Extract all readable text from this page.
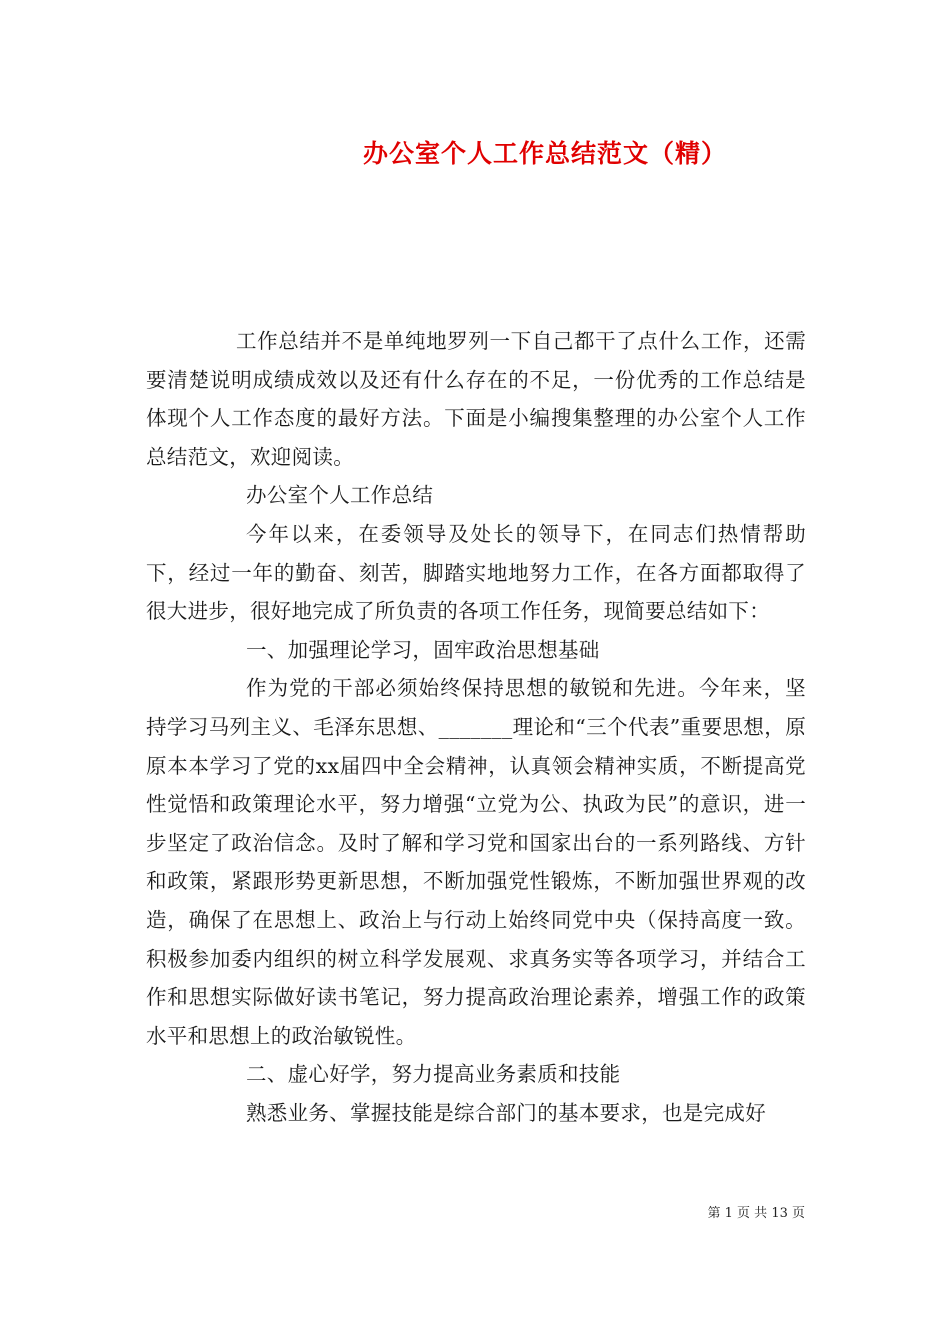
办公室个人工作总结范文（精）

工作总结并不是单纯地罗列一下自己都干了点什么工作，还需要清楚说明成绩成效以及还有什么存在的不足，一份优秀的工作总结是体现个人工作态度的最好方法。下面是小编搜集整理的办公室个人工作总结范文，欢迎阅读。

办公室个人工作总结

今年以来，在委领导及处长的领导下，在同志们热情帮助下，经过一年的勤奋、刻苦，脚踏实地地努力工作，在各方面都取得了很大进步，很好地完成了所负责的各项工作任务，现简要总结如下：

一、加强理论学习，固牢政治思想基础

作为党的干部必须始终保持思想的敏锐和先进。今年来，坚持学习马列主义、毛泽东思想、_______理论和“三个代表”重要思想，原原本本学习了党的xx届四中全会精神，认真领会精神实质，不断提高党性觉悟和政策理论水平，努力增强“立党为公、执政为民”的意识，进一步坚定了政治信念。及时了解和学习党和国家出台的一系列路线、方针和政策，紧跟形势更新思想，不断加强党性锻炼，不断加强世界观的改造，确保了在思想上、政治上与行动上始终同党中央（保持高度一致。积极参加委内组织的树立科学发展观、求真务实等各项学习，并结合工作和思想实际做好读书笔记，努力提高政治理论素养，增强工作的政策水平和思想上的政治敏锐性。

二、虚心好学，努力提高业务素质和技能

熟悉业务、掌握技能是综合部门的基本要求，也是完成好

第 1 页 共 13 页
